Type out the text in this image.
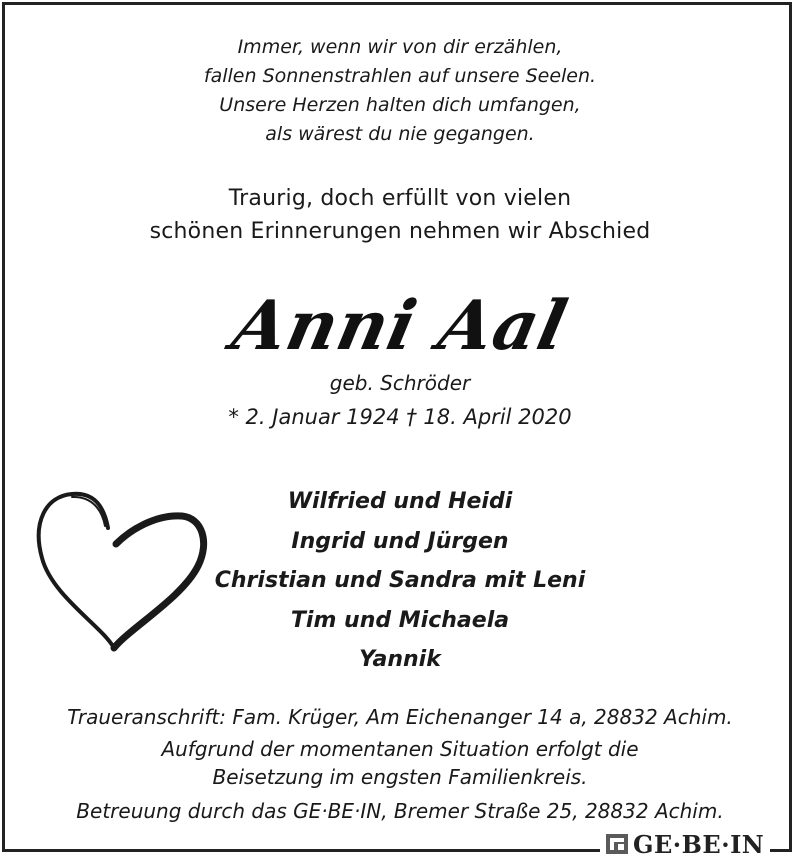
Immer, wenn wir von dir erzählen,
fallen Sonnenstrahlen auf unsere Seelen.
Unsere Herzen halten dich umfangen,
als wärest du nie gegangen.
Traurig, doch erfüllt von vielen
schönen Erinnerungen nehmen wir Abschied
Anni Aal
geb. Schröder
* 2. Januar 1924 † 18. April 2020
Wilfried und Heidi
Ingrid und Jürgen
Christian und Sandra mit Leni
Tim und Michaela
Yannik
Traueranschrift: Fam. Krüger, Am Eichenanger 14 a, 28832 Achim.
Aufgrund der momentanen Situation erfolgt die
Beisetzung im engsten Familienkreis.
Betreuung durch das GE·BE·IN, Bremer Straße 25, 28832 Achim.
GE·BE·IN
